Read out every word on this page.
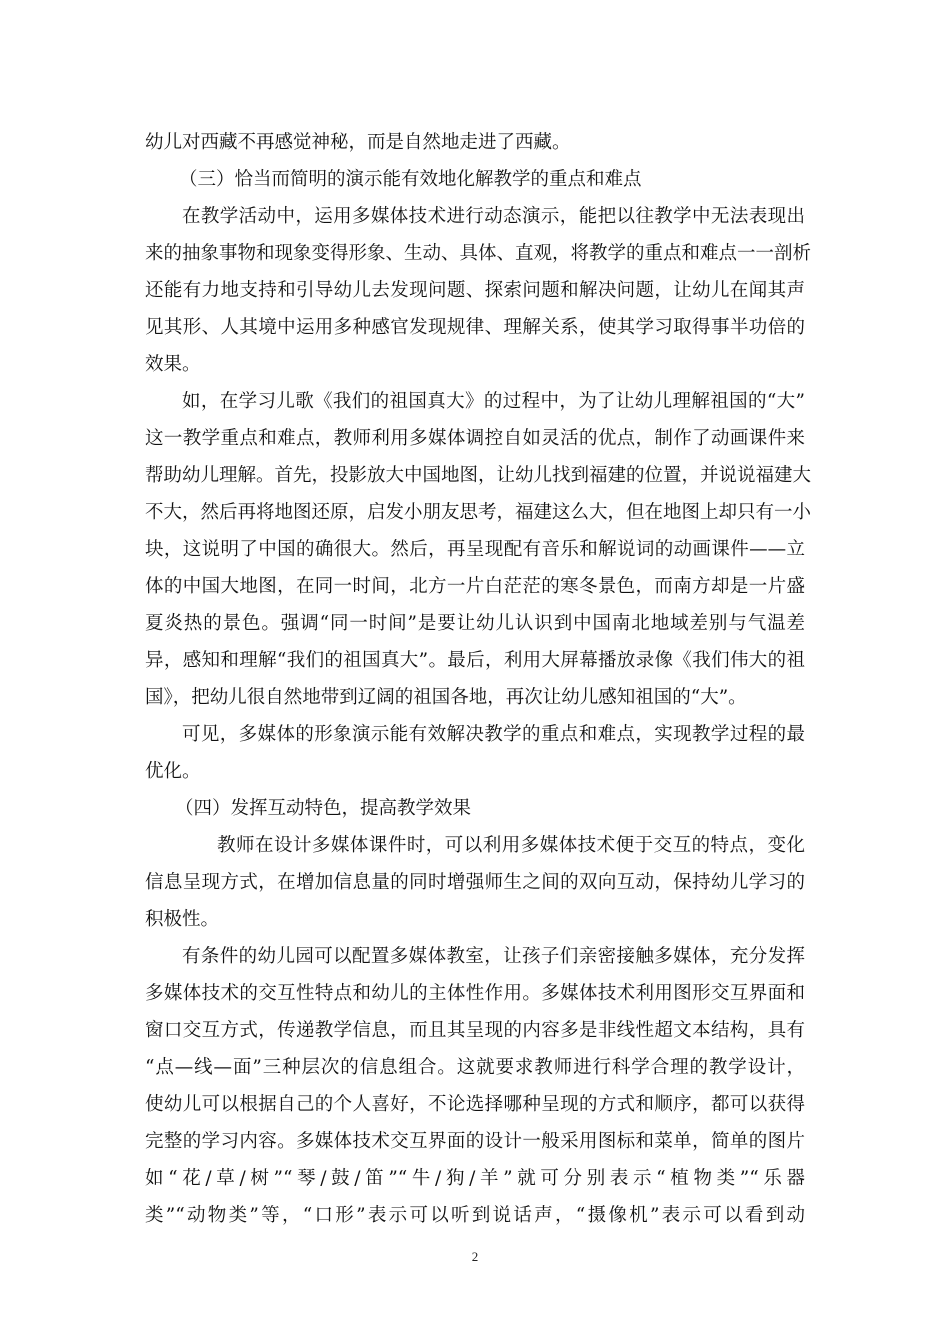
幼儿对西藏不再感觉神秘，而是自然地走进了西藏。
（三）恰当而简明的演示能有效地化解教学的重点和难点
在教学活动中，运用多媒体技术进行动态演示，能把以往教学中无法表现出
来的抽象事物和现象变得形象、生动、具体、直观，将教学的重点和难点一一剖析
还能有力地支持和引导幼儿去发现问题、探索问题和解决问题，让幼儿在闻其声
见其形、人其境中运用多种感官发现规律、理解关系，使其学习取得事半功倍的
效果。
如，在学习儿歌《我们的祖国真大》的过程中，为了让幼儿理解祖国的“大”
这一教学重点和难点，教师利用多媒体调控自如灵活的优点，制作了动画课件来
帮助幼儿理解。首先，投影放大中国地图，让幼儿找到福建的位置，并说说福建大
不大，然后再将地图还原，启发小朋友思考，福建这么大，但在地图上却只有一小
块，这说明了中国的确很大。然后，再呈现配有音乐和解说词的动画课件——立
体的中国大地图，在同一时间，北方一片白茫茫的寒冬景色，而南方却是一片盛
夏炎热的景色。强调“同一时间”是要让幼儿认识到中国南北地域差别与气温差
异，感知和理解“我们的祖国真大”。最后，利用大屏幕播放录像《我们伟大的祖
国》，把幼儿很自然地带到辽阔的祖国各地，再次让幼儿感知祖国的“大”。
可见，多媒体的形象演示能有效解决教学的重点和难点，实现教学过程的最
优化。
（四）发挥互动特色，提高教学效果
教师在设计多媒体课件时，可以利用多媒体技术便于交互的特点，变化
信息呈现方式，在增加信息量的同时增强师生之间的双向互动，保持幼儿学习的
积极性。
有条件的幼儿园可以配置多媒体教室，让孩子们亲密接触多媒体，充分发挥
多媒体技术的交互性特点和幼儿的主体性作用。多媒体技术利用图形交互界面和
窗口交互方式，传递教学信息，而且其呈现的内容多是非线性超文本结构，具有
“点—线—面”三种层次的信息组合。这就要求教师进行科学合理的教学设计，
使幼儿可以根据自己的个人喜好，不论选择哪种呈现的方式和顺序，都可以获得
完整的学习内容。多媒体技术交互界面的设计一般采用图标和菜单，简单的图片
如“花/草/树”“琴/鼓/笛”“牛/狗/羊”就可分别表示“植物类”“乐器
类”“动物类”等，“口形”表示可以听到说话声，“摄像机”表示可以看到动
2
